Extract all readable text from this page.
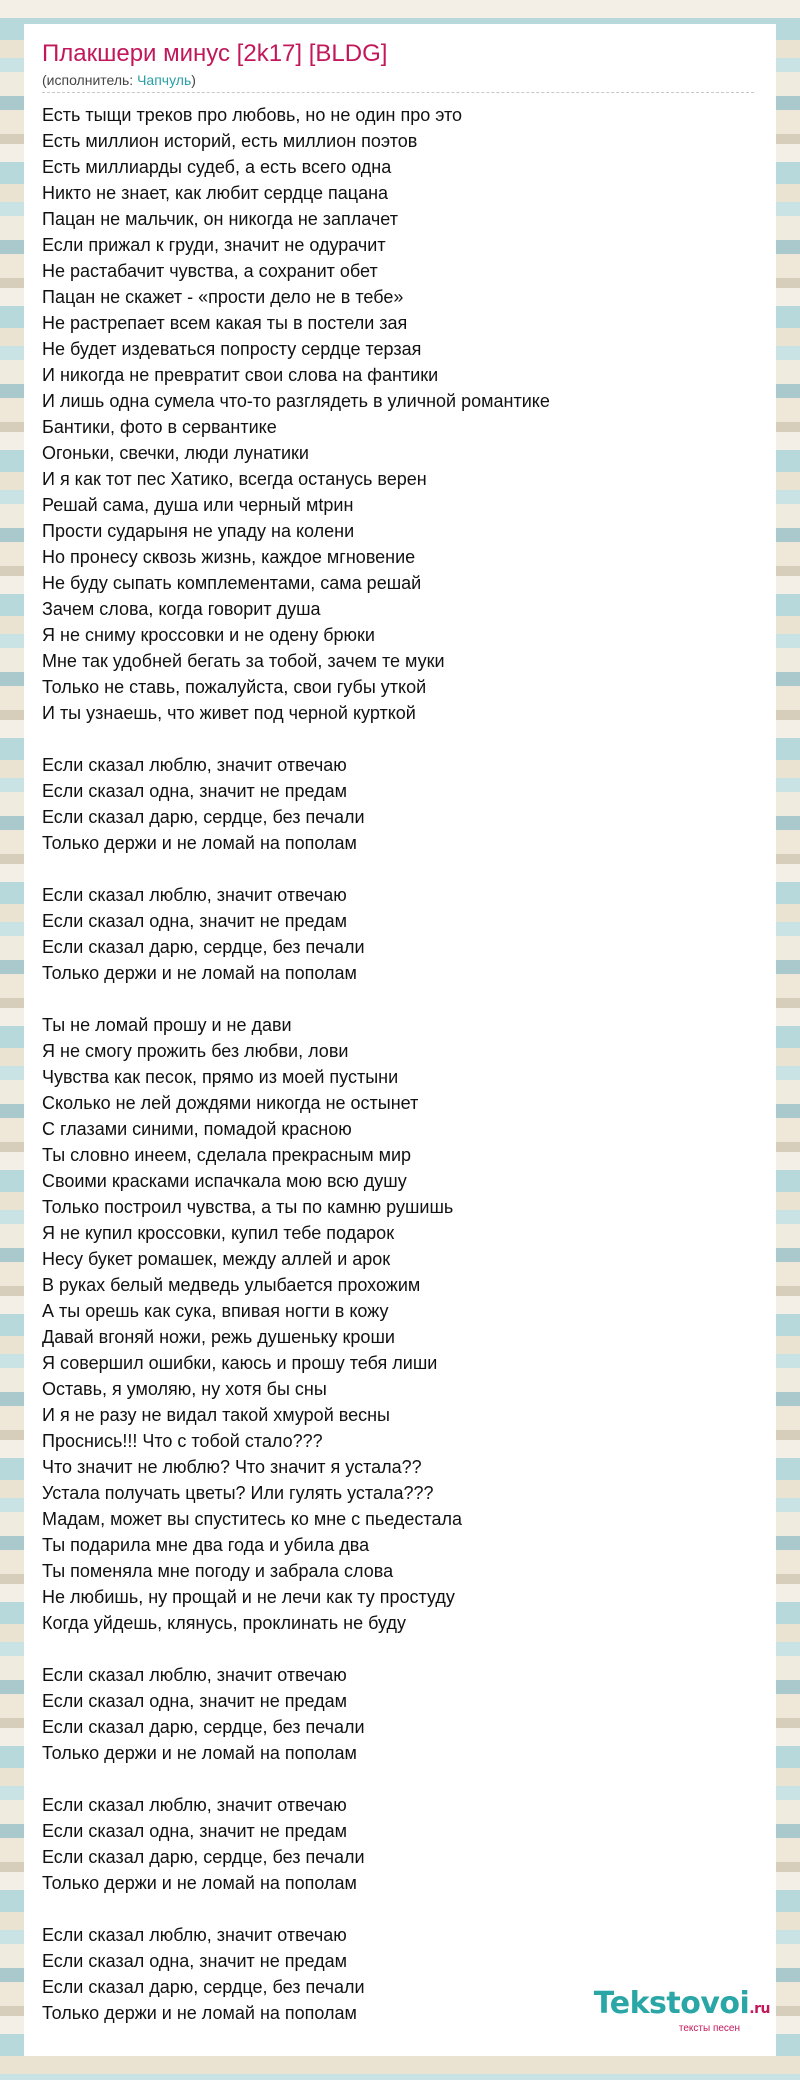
Плакшери минус [2k17] [BLDG]
(исполнитель: Чапчуль)
Есть тыщи треков про любовь, но не один про это
Есть миллион историй, есть миллион поэтов
Есть миллиарды судеб, а есть всего одна
Никто не знает, как любит сердце пацана
Пацан не мальчик, он никогда не заплачет
Если прижал к груди, значит не одурачит
Не растабачит чувства, а сохранит обет
Пацан не скажет - «прости дело не в тебе»
Не растрепает всем какая ты в постели зая
Не будет издеваться попросту сердце терзая
И никогда не превратит свои слова на фантики
И лишь одна сумела что-то разглядеть в уличной романтике
Бантики, фото в сервантике
Огоньки, свечки, люди лунатики
И я как тот пес Хатико, всегда останусь верен
Решай сама, душа или черный мtрин
Прости сударыня не упаду на колени
Но пронесу сквозь жизнь, каждое мгновение
Не буду сыпать комплементами, сама решай
Зачем слова, когда говорит душа
Я не сниму кроссовки и не одену брюки
Мне так удобней бегать за тобой, зачем те муки
Только не ставь, пожалуйста, свои губы уткой
И ты узнаешь, что живет под черной курткой
Если сказал люблю, значит отвечаю
Если сказал одна, значит не предам
Если сказал дарю, сердце, без печали
Только держи и не ломай на пополам
Если сказал люблю, значит отвечаю
Если сказал одна, значит не предам
Если сказал дарю, сердце, без печали
Только держи и не ломай на пополам
Ты не ломай прошу и не дави
Я не смогу прожить без любви, лови
Чувства как песок, прямо из моей пустыни
Сколько не лей дождями никогда не остынет
С глазами синими, помадой красною
Ты словно инеем, сделала прекрасным мир
Своими красками испачкала мою всю душу
Только построил чувства, а ты по камню рушишь
Я не купил кроссовки, купил тебе подарок
Несу букет ромашек, между аллей и арок
В руках белый медведь улыбается прохожим
А ты орешь как сука, впивая ногти в кожу
Давай вгоняй ножи, режь душеньку кроши
Я совершил ошибки, каюсь и прошу тебя лиши
Оставь, я умоляю, ну хотя бы сны
И я не разу не видал такой хмурой весны
Проснись!!! Что с тобой стало???
Что значит не люблю? Что значит я устала??
Устала получать цветы? Или гулять устала???
Мадам, может вы спуститесь ко мне с пьедестала
Ты подарила мне два года и убила два
Ты поменяла мне погоду и забрала слова
Не любишь, ну прощай и не лечи как ту простуду
Когда уйдешь, клянусь, проклинать не буду
Если сказал люблю, значит отвечаю
Если сказал одна, значит не предам
Если сказал дарю, сердце, без печали
Только держи и не ломай на пополам
Если сказал люблю, значит отвечаю
Если сказал одна, значит не предам
Если сказал дарю, сердце, без печали
Только держи и не ломай на пополам
Если сказал люблю, значит отвечаю
Если сказал одна, значит не предам
Если сказал дарю, сердце, без печали
Только держи и не ломай на пополам	Tekstovoi.ru
тексты песен
